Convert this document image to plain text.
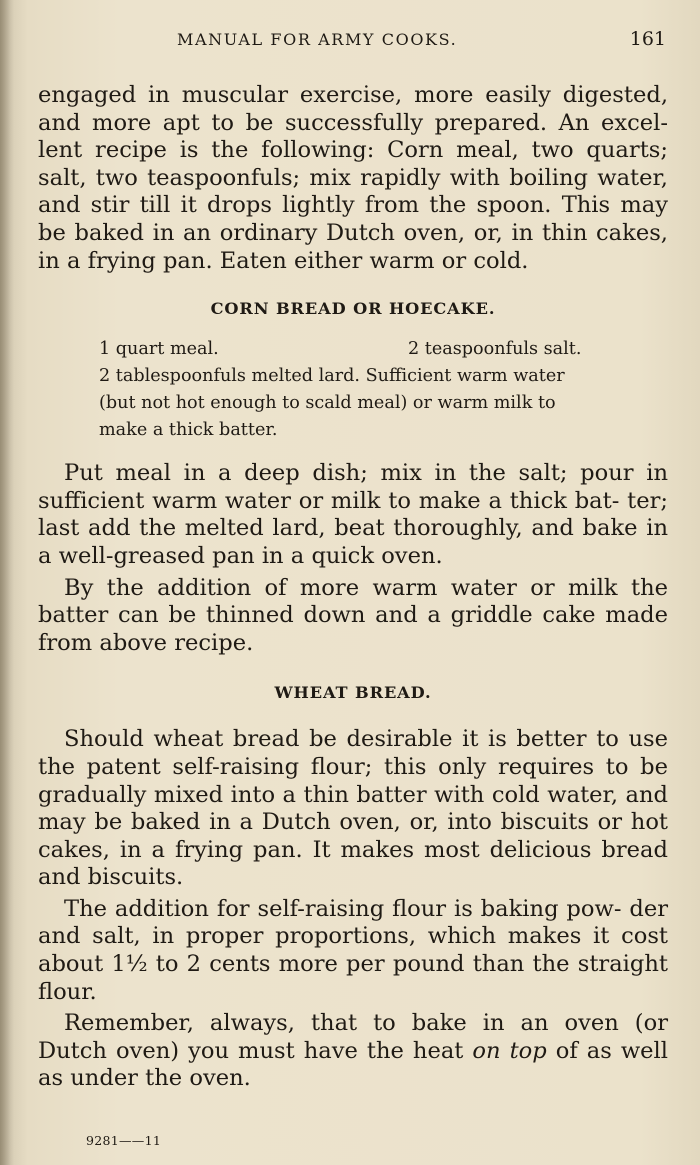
MANUAL FOR ARMY COOKS.	161

engaged in muscular exercise, more easily digested, and more apt to be successfully prepared. An excel- lent recipe is the following: Corn meal, two quarts; salt, two teaspoonfuls; mix rapidly with boiling water, and stir till it drops lightly from the spoon. This may be baked in an ordinary Dutch oven, or, in thin cakes, in a frying pan. Eaten either warm or cold.

CORN BREAD OR HOECAKE.
1 quart meal.	2 teaspoonfuls salt.
2 tablespoonfuls melted lard. Sufficient warm water
(but not hot enough to scald meal) or warm milk to
make a thick batter.

Put meal in a deep dish; mix in the salt; pour in sufficient warm water or milk to make a thick bat- ter; last add the melted lard, beat thoroughly, and bake in a well-greased pan in a quick oven.

By the addition of more warm water or milk the batter can be thinned down and a griddle cake made from above recipe.

WHEAT BREAD.

Should wheat bread be desirable it is better to use the patent self-raising flour; this only requires to be gradually mixed into a thin batter with cold water, and may be baked in a Dutch oven, or, into biscuits or hot cakes, in a frying pan. It makes most delicious bread and biscuits.

The addition for self-raising flour is baking pow- der and salt, in proper proportions, which makes it cost about 1½ to 2 cents more per pound than the straight flour.

Remember, always, that to bake in an oven (or Dutch oven) you must have the heat on top of as well as under the oven.

9281——11
